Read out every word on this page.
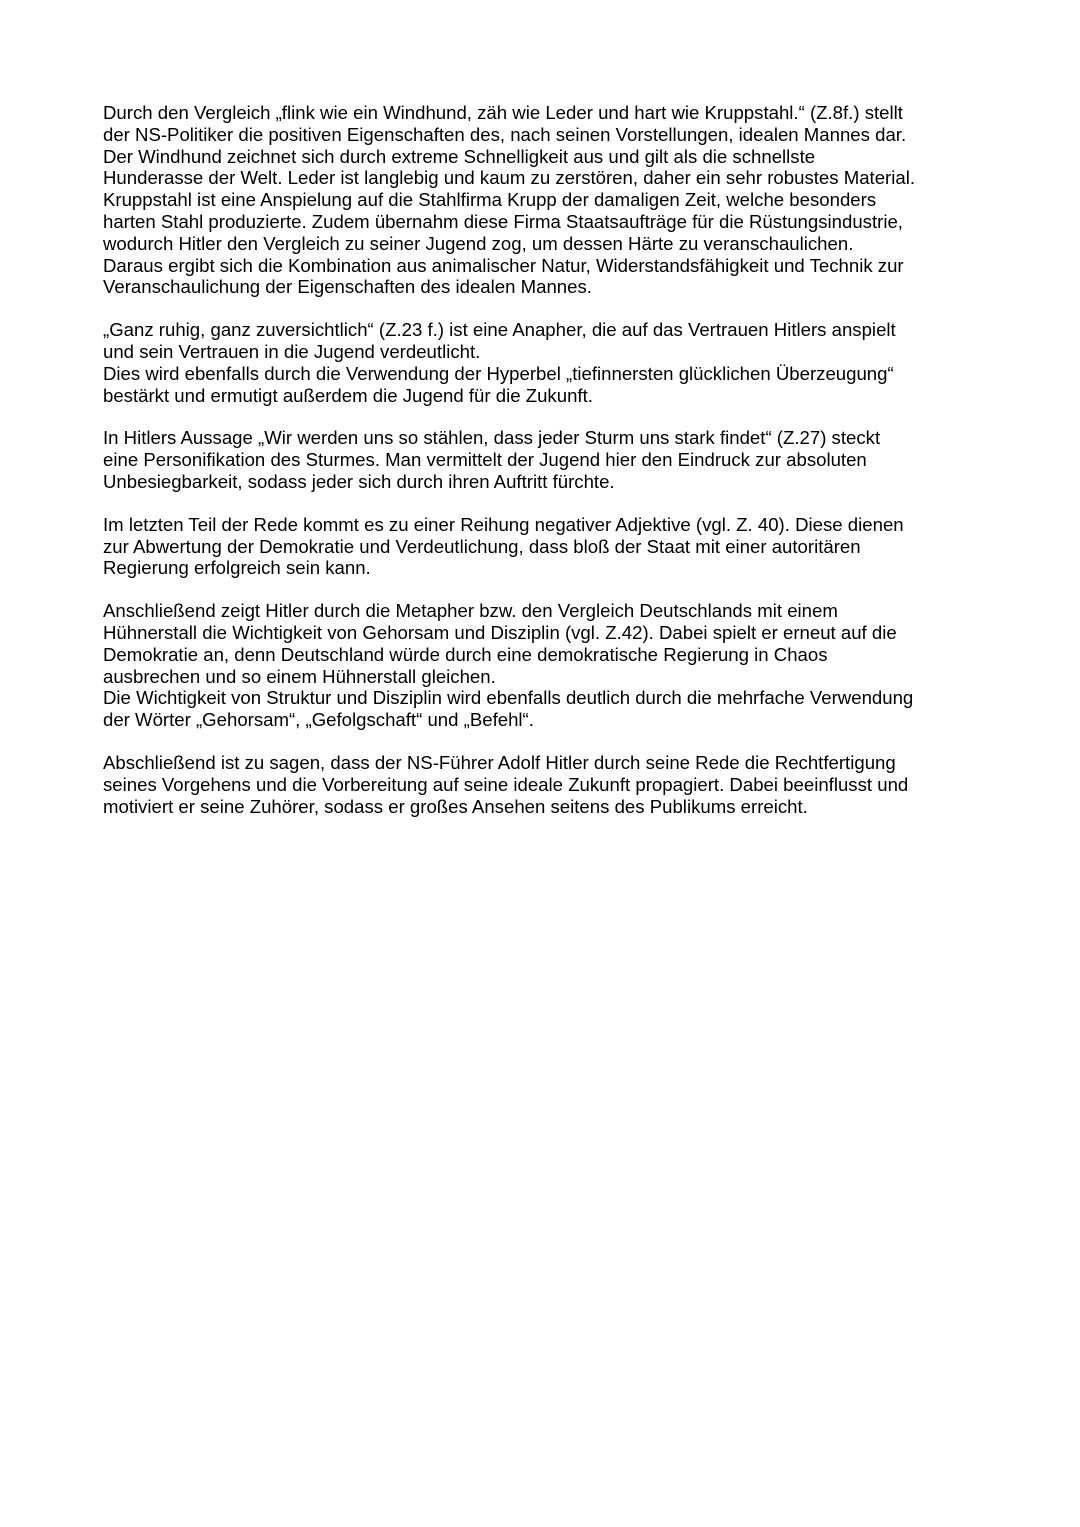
Durch den Vergleich „flink wie ein Windhund, zäh wie Leder und hart wie Kruppstahl.“ (Z.8f.) stellt
der NS-Politiker die positiven Eigenschaften des, nach seinen Vorstellungen, idealen Mannes dar.
Der Windhund zeichnet sich durch extreme Schnelligkeit aus und gilt als die schnellste
Hunderasse der Welt. Leder ist langlebig und kaum zu zerstören, daher ein sehr robustes Material.
Kruppstahl ist eine Anspielung auf die Stahlfirma Krupp der damaligen Zeit, welche besonders
harten Stahl produzierte. Zudem übernahm diese Firma Staatsaufträge für die Rüstungsindustrie,
wodurch Hitler den Vergleich zu seiner Jugend zog, um dessen Härte zu veranschaulichen.
Daraus ergibt sich die Kombination aus animalischer Natur, Widerstandsfähigkeit und Technik zur
Veranschaulichung der Eigenschaften des idealen Mannes.

„Ganz ruhig, ganz zuversichtlich“ (Z.23 f.) ist eine Anapher, die auf das Vertrauen Hitlers anspielt
und sein Vertrauen in die Jugend verdeutlicht.
Dies wird ebenfalls durch die Verwendung der Hyperbel „tiefinnersten glücklichen Überzeugung“
bestärkt und ermutigt außerdem die Jugend für die Zukunft.

In Hitlers Aussage „Wir werden uns so stählen, dass jeder Sturm uns stark findet“ (Z.27) steckt
eine Personifikation des Sturmes. Man vermittelt der Jugend hier den Eindruck zur absoluten
Unbesiegbarkeit, sodass jeder sich durch ihren Auftritt fürchte.

Im letzten Teil der Rede kommt es zu einer Reihung negativer Adjektive (vgl. Z. 40). Diese dienen
zur Abwertung der Demokratie und Verdeutlichung, dass bloß der Staat mit einer autoritären
Regierung erfolgreich sein kann.

Anschließend zeigt Hitler durch die Metapher bzw. den Vergleich Deutschlands mit einem
Hühnerstall die Wichtigkeit von Gehorsam und Disziplin (vgl. Z.42). Dabei spielt er erneut auf die
Demokratie an, denn Deutschland würde durch eine demokratische Regierung in Chaos
ausbrechen und so einem Hühnerstall gleichen.
Die Wichtigkeit von Struktur und Disziplin wird ebenfalls deutlich durch die mehrfache Verwendung
der Wörter „Gehorsam“, „Gefolgschaft“ und „Befehl“.

Abschließend ist zu sagen, dass der NS-Führer Adolf Hitler durch seine Rede die Rechtfertigung
seines Vorgehens und die Vorbereitung auf seine ideale Zukunft propagiert. Dabei beeinflusst und
motiviert er seine Zuhörer, sodass er großes Ansehen seitens des Publikums erreicht.
